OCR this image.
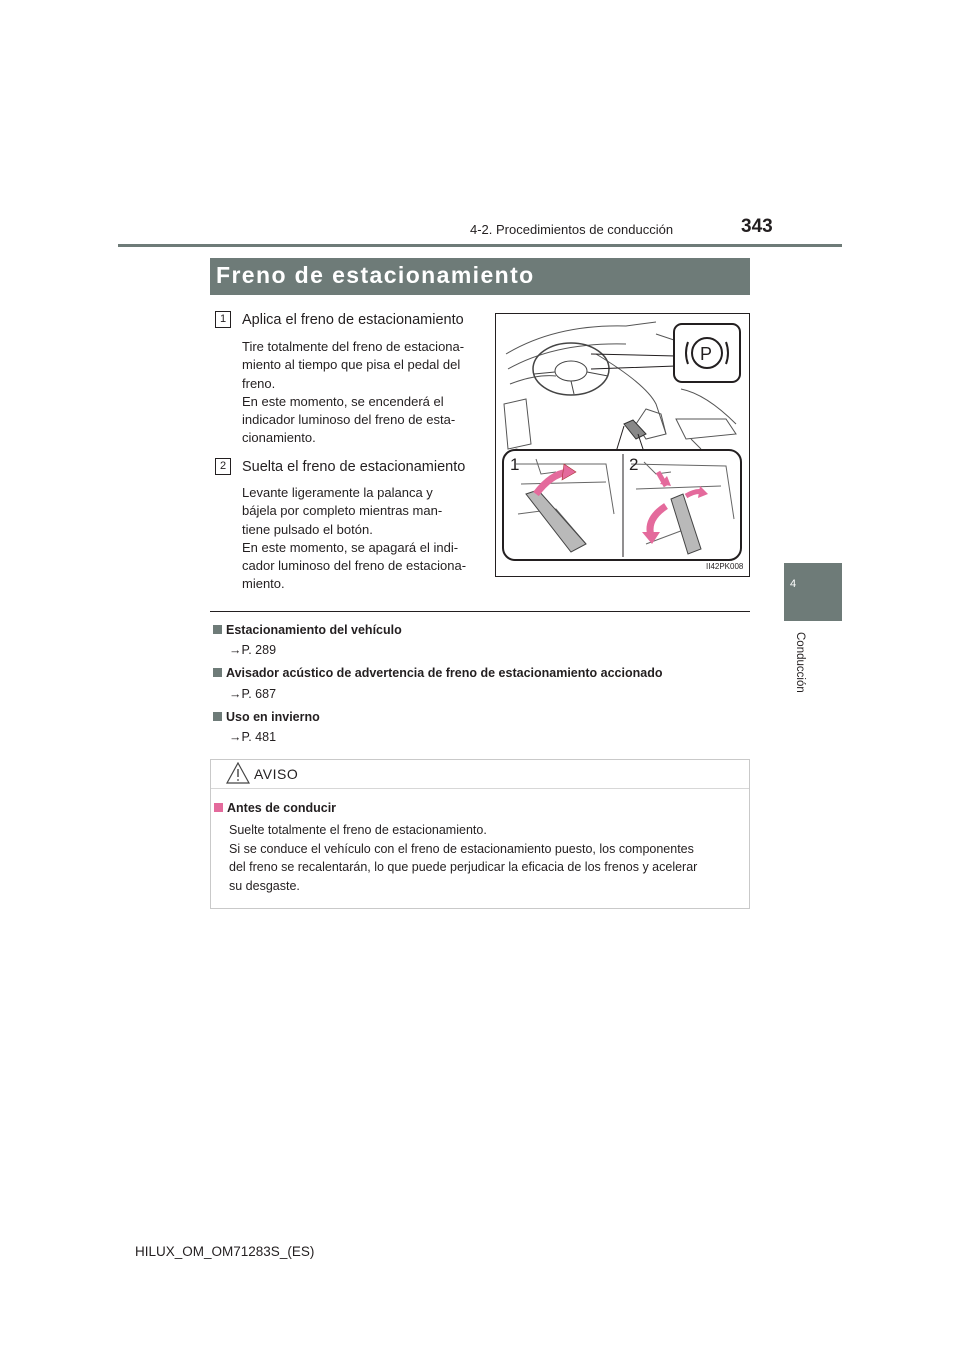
4-2. Procedimientos de conducción	343
4
Conducción
Freno de estacionamiento
1	Aplica el freno de estacionamiento
Tire totalmente del freno de estaciona-
miento al tiempo que pisa el pedal del
freno.
En este momento, se encenderá el
indicador luminoso del freno de esta-
cionamiento.
2	Suelta el freno de estacionamiento
Levante ligeramente la palanca y
bájela por completo mientras man-
tiene pulsado el botón.
En este momento, se apagará el indi-
cador luminoso del freno de estaciona-
miento.
P
1	2
II42PK008
Estacionamiento del vehículo
→P. 289
Avisador acústico de advertencia de freno de estacionamiento accionado
→P. 687
Uso en invierno
→P. 481
AVISO
Antes de conducir
Suelte totalmente el freno de estacionamiento.
Si se conduce el vehículo con el freno de estacionamiento puesto, los componentes
del freno se recalentarán, lo que puede perjudicar la eficacia de los frenos y acelerar
su desgaste.
HILUX_OM_OM71283S_(ES)
